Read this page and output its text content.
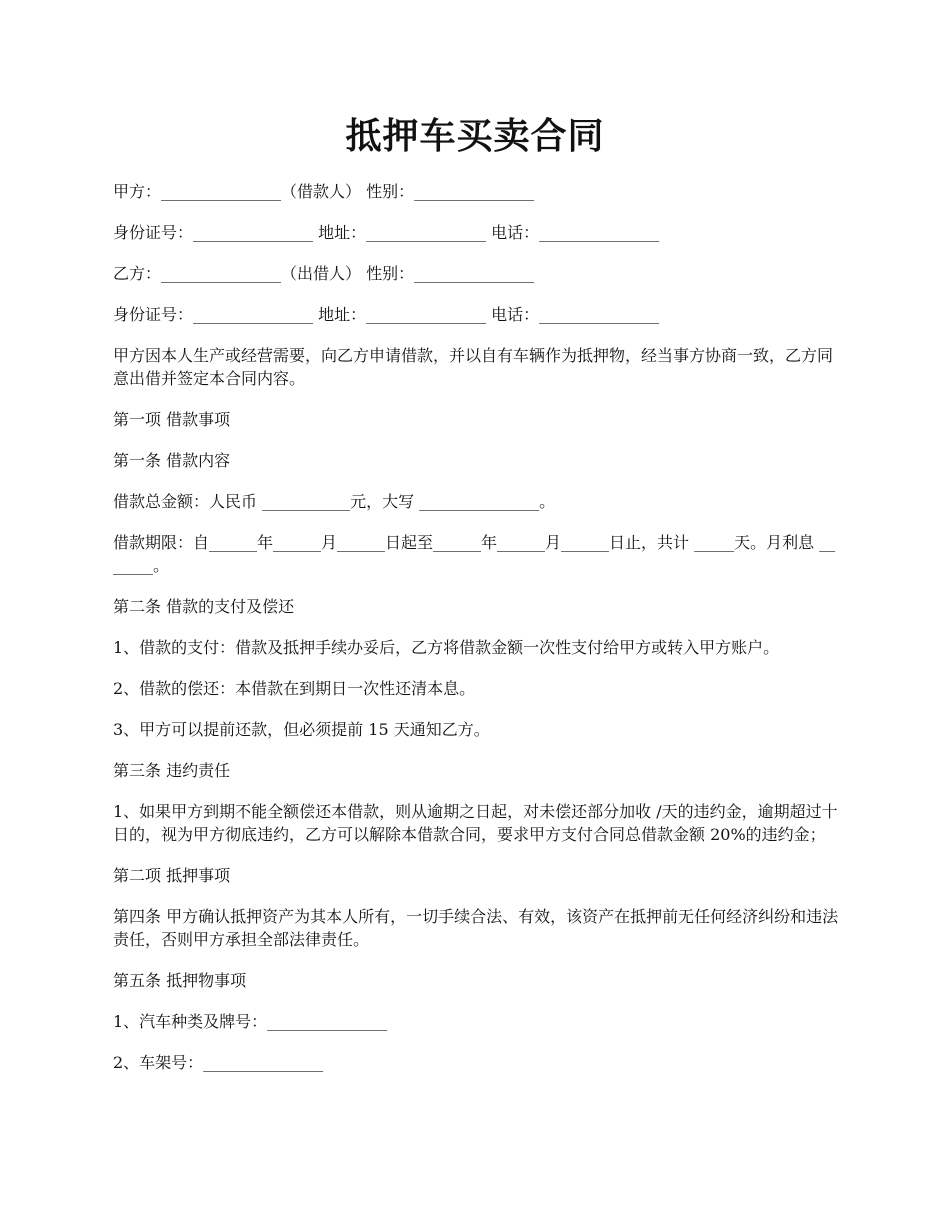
抵押车买卖合同

甲方：_______________（借款人） 性别：_______________

身份证号：_______________ 地址：_______________ 电话：_______________

乙方：_______________（出借人） 性别：_______________

身份证号：_______________ 地址：_______________ 电话：_______________

甲方因本人生产或经营需要，向乙方申请借款，并以自有车辆作为抵押物，经当事方协商一致，乙方同意出借并签定本合同内容。

第一项 借款事项

第一条 借款内容

借款总金额：人民币 ___________元，大写 _______________。

借款期限：自______年______月______日起至______年______月______日止，共计 _____天。月利息 _______。

第二条 借款的支付及偿还

1、借款的支付：借款及抵押手续办妥后，乙方将借款金额一次性支付给甲方或转入甲方账户。

2、借款的偿还：本借款在到期日一次性还清本息。

3、甲方可以提前还款，但必须提前 15 天通知乙方。

第三条 违约责任

1、如果甲方到期不能全额偿还本借款，则从逾期之日起，对未偿还部分加收 /天的违约金，逾期超过十日的，视为甲方彻底违约，乙方可以解除本借款合同，要求甲方支付合同总借款金额 20%的违约金；

第二项 抵押事项

第四条 甲方确认抵押资产为其本人所有，一切手续合法、有效，该资产在抵押前无任何经济纠纷和违法责任，否则甲方承担全部法律责任。

第五条 抵押物事项

1、汽车种类及牌号：_______________

2、车架号：_______________
